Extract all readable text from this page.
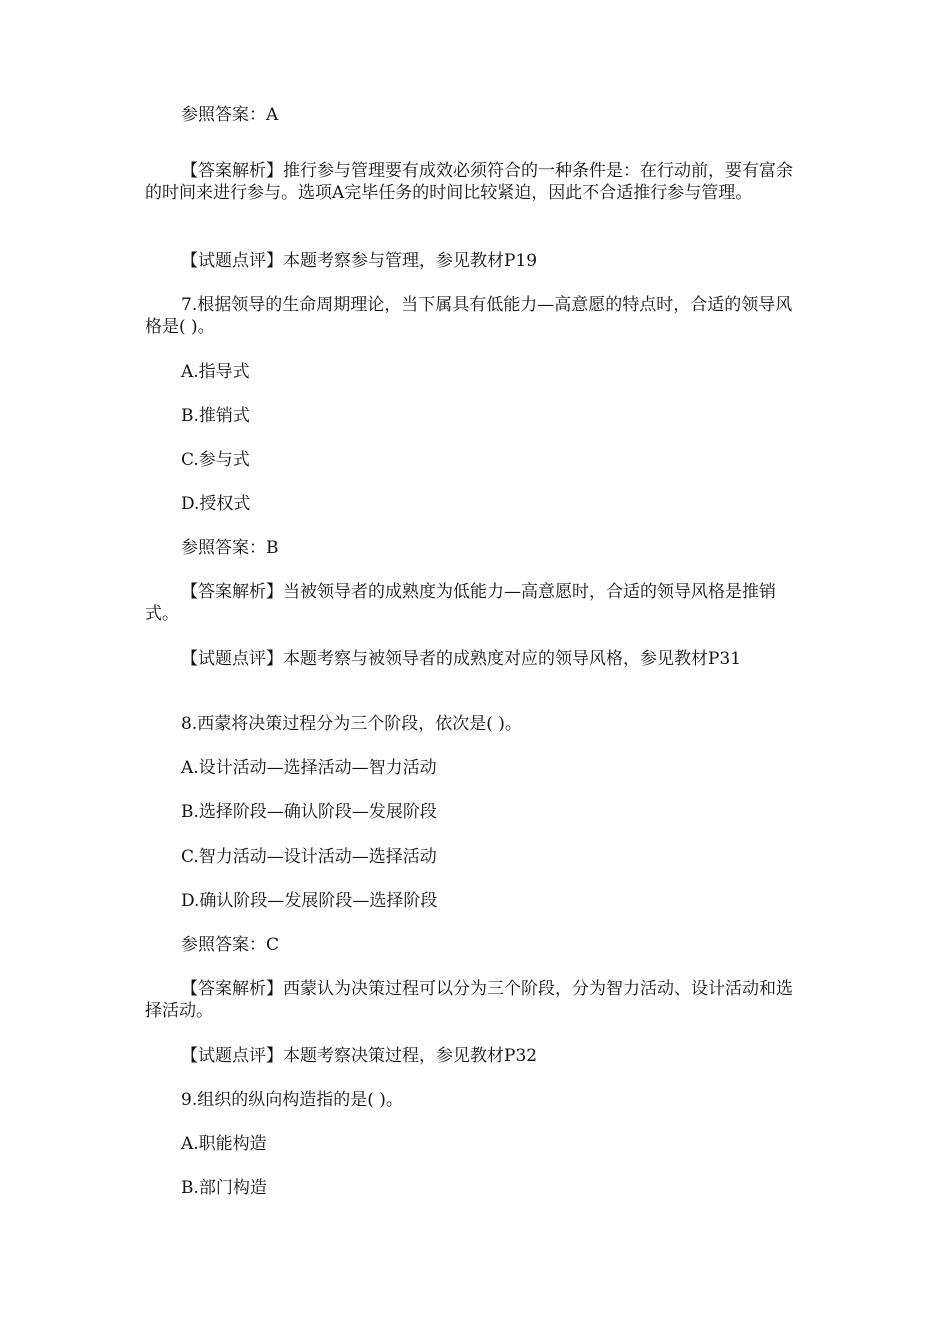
参照答案：A

【答案解析】推行参与管理要有成效必须符合的一种条件是：在行动前，要有富余的时间来进行参与。选项A完毕任务的时间比较紧迫，因此不合适推行参与管理。

【试题点评】本题考察参与管理，参见教材P19

7.根据领导的生命周期理论，当下属具有低能力—高意愿的特点时，合适的领导风格是( )。

A.指导式

B.推销式

C.参与式

D.授权式

参照答案：B

【答案解析】当被领导者的成熟度为低能力—高意愿时，合适的领导风格是推销式。

【试题点评】本题考察与被领导者的成熟度对应的领导风格，参见教材P31

8.西蒙将决策过程分为三个阶段，依次是( )。

A.设计活动—选择活动—智力活动

B.选择阶段—确认阶段—发展阶段

C.智力活动—设计活动—选择活动

D.确认阶段—发展阶段—选择阶段

参照答案：C

【答案解析】西蒙认为决策过程可以分为三个阶段，分为智力活动、设计活动和选择活动。

【试题点评】本题考察决策过程，参见教材P32

9.组织的纵向构造指的是( )。

A.职能构造

B.部门构造
